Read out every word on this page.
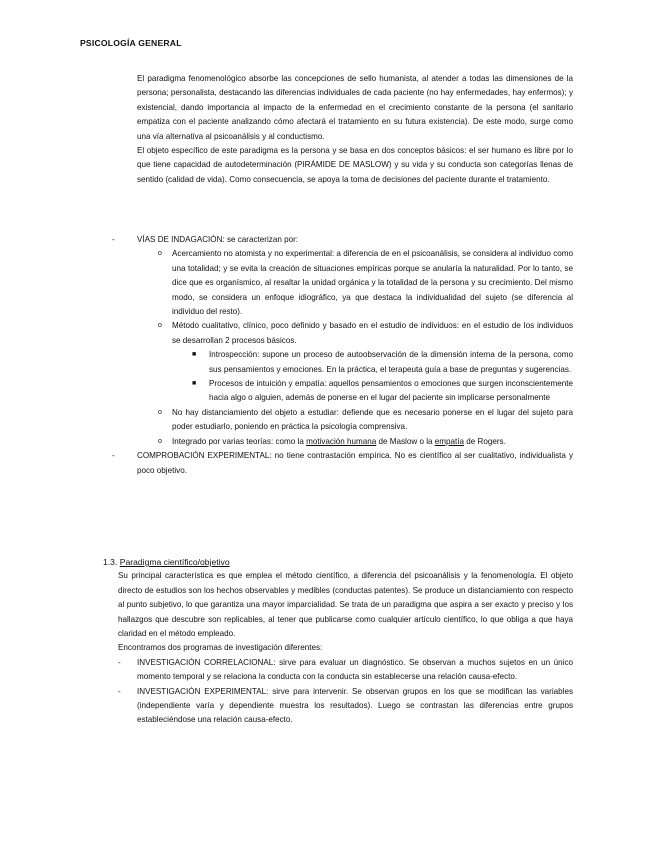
PSICOLOGÍA GENERAL

El paradigma fenomenológico absorbe las concepciones de sello humanista, al atender a todas las dimensiones de la persona; personalista, destacando las diferencias individuales de cada paciente (no hay enfermedades, hay enfermos); y existencial, dando importancia al impacto de la enfermedad en el crecimiento constante de la persona (el sanitario empatiza con el paciente analizando cómo afectará el tratamiento en su futura existencia). De este modo, surge como una vía alternativa al psicoanálisis y al conductismo.

El objeto específico de este paradigma es la persona y se basa en dos conceptos básicos: el ser humano es libre por lo que tiene capacidad de autodeterminación (PIRÁMIDE DE MASLOW) y su vida y su conducta son categorías llenas de sentido (calidad de vida). Como consecuencia, se apoya la toma de decisiones del paciente durante el tratamiento.

-	VÍAS DE INDAGACIÓN: se caracterizan por:
o Acercamiento no atomista y no experimental: a diferencia de en el psicoanálisis, se considera al individuo como una totalidad; y se evita la creación de situaciones empíricas porque se anularía la naturalidad. Por lo tanto, se dice que es organísmico, al resaltar la unidad orgánica y la totalidad de la persona y su crecimiento. Del mismo modo, se considera un enfoque idiográfico, ya que destaca la individualidad del sujeto (se diferencia al individuo del resto).
o Método cualitativo, clínico, poco definido y basado en el estudio de individuos: en el estudio de los individuos se desarrollan 2 procesos básicos.
■ Introspección: supone un proceso de autoobservación de la dimensión interna de la persona, como sus pensamientos y emociones. En la práctica, el terapeuta guía a base de preguntas y sugerencias.
■ Procesos de intuición y empatía: aquellos pensamientos o emociones que surgen inconscientemente hacia algo o alguien, además de ponerse en el lugar del paciente sin implicarse personalmente
o No hay distanciamiento del objeto a estudiar: defiende que es necesario ponerse en el lugar del sujeto para poder estudiarlo, poniendo en práctica la psicología comprensiva.
o Integrado por varias teorías: como la motivación humana de Maslow o la empatía de Rogers.
-	COMPROBACIÓN EXPERIMENTAL: no tiene contrastación empírica. No es científico al ser cualitativo, individualista y poco objetivo.
1.3. Paradigma científico/objetivo

Su principal característica es que emplea el método científico, a diferencia del psicoanálisis y la fenomenología. El objeto directo de estudios son los hechos observables y medibles (conductas patentes). Se produce un distanciamiento con respecto al punto subjetivo, lo que garantiza una mayor imparcialidad. Se trata de un paradigma que aspira a ser exacto y preciso y los hallazgos que descubre son replicables, al tener que publicarse como cualquier artículo científico, lo que obliga a que haya claridad en el método empleado.

Encontramos dos programas de investigación diferentes:

- INVESTIGACIÓN CORRELACIONAL: sirve para evaluar un diagnóstico. Se observan a muchos sujetos en un único momento temporal y se relaciona la conducta con la conducta sin establecerse una relación causa-efecto.
- INVESTIGACIÓN EXPERIMENTAL: sirve para intervenir. Se observan grupos en los que se modifican las variables (independiente varía y dependiente muestra los resultados). Luego se contrastan las diferencias entre grupos estableciéndose una relación causa-efecto.
